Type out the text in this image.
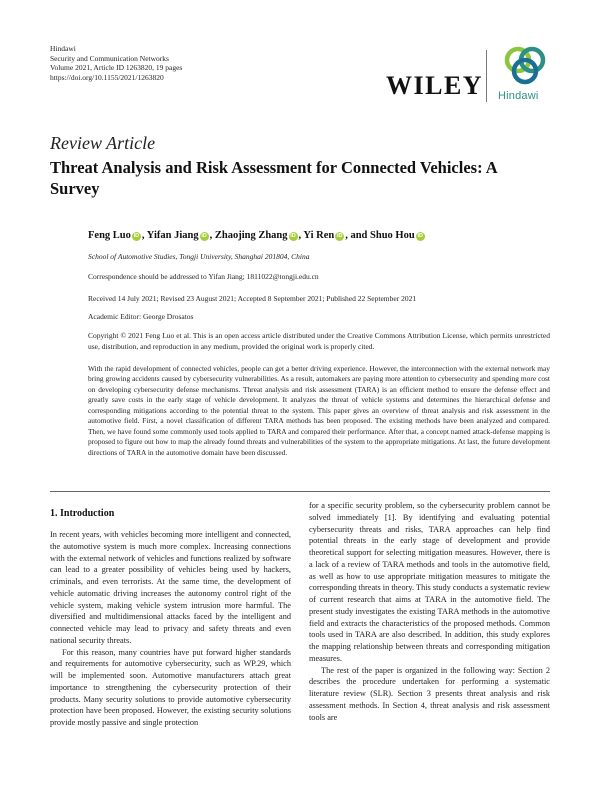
Hindawi
Security and Communication Networks
Volume 2021, Article ID 1263820, 19 pages
https://doi.org/10.1155/2021/1263820	WILEY Hindawi
Review Article
Threat Analysis and Risk Assessment for Connected Vehicles: A Survey
Feng Luo iD , Yifan Jiang iD , Zhaojing Zhang iD , Yi Ren iD , and Shuo Hou iD
School of Automotive Studies, Tongji University, Shanghai 201804, China
Correspondence should be addressed to Yifan Jiang; 1811022@tongji.edu.cn
Received 14 July 2021; Revised 23 August 2021; Accepted 8 September 2021; Published 22 September 2021
Academic Editor: George Drosatos
Copyright © 2021 Feng Luo et al. This is an open access article distributed under the Creative Commons Attribution License, which permits unrestricted use, distribution, and reproduction in any medium, provided the original work is properly cited.
With the rapid development of connected vehicles, people can get a better driving experience. However, the interconnection with the external network may bring growing accidents caused by cybersecurity vulnerabilities. As a result, automakers are paying more attention to cybersecurity and spending more cost on developing cybersecurity defense mechanisms. Threat analysis and risk assessment (TARA) is an efficient method to ensure the defense effect and greatly save costs in the early stage of vehicle development. It analyzes the threat of vehicle systems and determines the hierarchical defense and corresponding mitigations according to the potential threat to the system. This paper gives an overview of threat analysis and risk assessment in the automotive field. First, a novel classification of different TARA methods has been proposed. The existing methods have been analyzed and compared. Then, we have found some commonly used tools applied to TARA and compared their performance. After that, a concept named attack-defense mapping is proposed to figure out how to map the already found threats and vulnerabilities of the system to the appropriate mitigations. At last, the future development directions of TARA in the automotive domain have been discussed.
1. Introduction

In recent years, with vehicles becoming more intelligent and connected, the automotive system is much more complex. Increasing connections with the external network of vehicles and functions realized by software can lead to a greater possibility of vehicles being used by hackers, criminals, and even terrorists. At the same time, the development of vehicle automatic driving increases the autonomy control right of the vehicle system, making vehicle system intrusion more harmful. The diversified and multidimensional attacks faced by the intelligent and connected vehicle may lead to privacy and safety threats and even national security threats.

For this reason, many countries have put forward higher standards and requirements for automotive cybersecurity, such as WP.29, which will be implemented soon. Automotive manufacturers attach great importance to strengthening the cybersecurity protection of their products. Many security solutions to provide automotive cybersecurity protection have been proposed. However, the existing security solutions provide mostly passive and single protection

for a specific security problem, so the cybersecurity problem cannot be solved immediately [1]. By identifying and evaluating potential cybersecurity threats and risks, TARA approaches can help find potential threats in the early stage of development and provide theoretical support for selecting mitigation measures. However, there is a lack of a review of TARA methods and tools in the automotive field, as well as how to use appropriate mitigation measures to mitigate the corresponding threats in theory. This study conducts a systematic review of current research that aims at TARA in the automotive field. The present study investigates the existing TARA methods in the automotive field and extracts the characteristics of the proposed methods. Common tools used in TARA are also described. In addition, this study explores the mapping relationship between threats and corresponding mitigation measures.

The rest of the paper is organized in the following way: Section 2 describes the procedure undertaken for performing a systematic literature review (SLR). Section 3 presents threat analysis and risk assessment methods. In Section 4, threat analysis and risk assessment tools are
